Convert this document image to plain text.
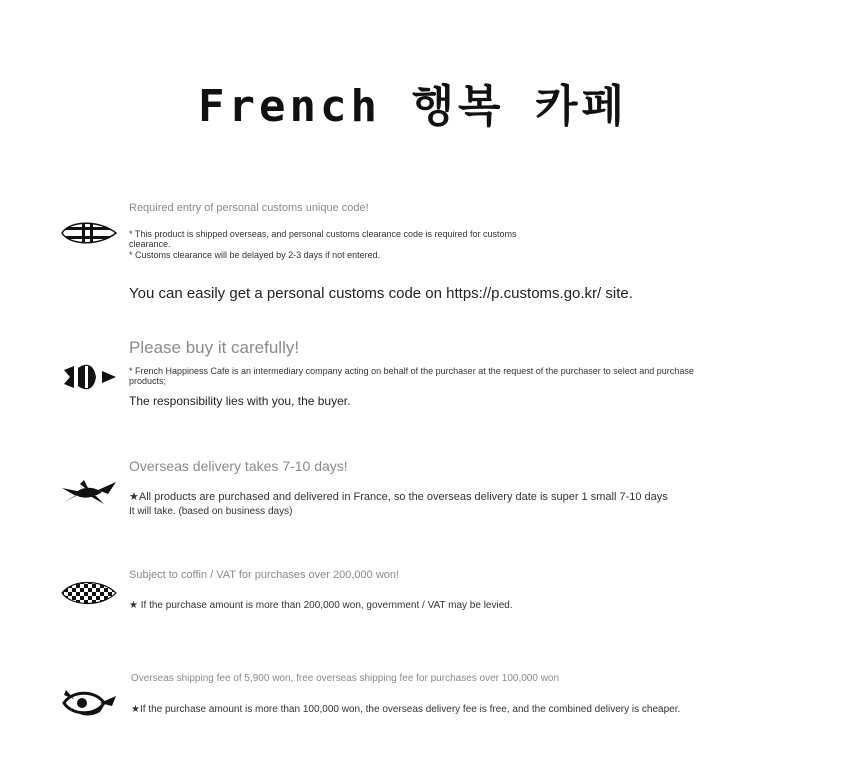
French 행복 카페
Required entry of personal customs unique code!
* This product is shipped overseas, and personal customs clearance code is required for customs clearance.
* Customs clearance will be delayed by 2-3 days if not entered.
You can easily get a personal customs code on https://p.customs.go.kr/ site.
Please buy it carefully!
* French Happiness Cafe is an intermediary company acting on behalf of the purchaser at the request of the purchaser to select and purchase products;
The responsibility lies with you, the buyer.
Overseas delivery takes 7-10 days!
★All products are purchased and delivered in France, so the overseas delivery date is super 1 small 7-10 days
It will take. (based on business days)
Subject to coffin / VAT for purchases over 200,000 won!
★ If the purchase amount is more than 200,000 won, government / VAT may be levied.
Overseas shipping fee of 5,900 won, free overseas shipping fee for purchases over 100,000 won
★If the purchase amount is more than 100,000 won, the overseas delivery fee is free, and the combined delivery is cheaper.
